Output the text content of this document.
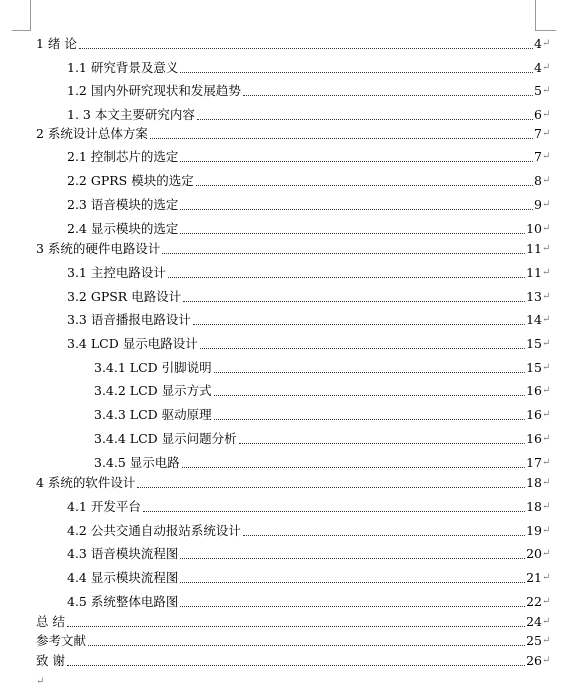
1 绪 论	4 ↵
1.1 研究背景及意义	4 ↵
1.2 国内外研究现状和发展趋势	5 ↵
1. 3 本文主要研究内容	6 ↵
2 系统设计总体方案	7 ↵
2.1 控制芯片的选定	7 ↵
2.2 GPRS 模块的选定	8 ↵
2.3 语音模块的选定	9 ↵
2.4 显示模块的选定	10 ↵
3 系统的硬件电路设计	11 ↵
3.1 主控电路设计	11 ↵
3.2 GPSR 电路设计	13 ↵
3.3 语音播报电路设计	14 ↵
3.4 LCD 显示电路设计	15 ↵
3.4.1 LCD 引脚说明	15 ↵
3.4.2 LCD 显示方式	16 ↵
3.4.3 LCD 驱动原理	16 ↵
3.4.4 LCD 显示问题分析	16 ↵
3.4.5 显示电路	17 ↵
4 系统的软件设计	18 ↵
4.1 开发平台	18 ↵
4.2 公共交通自动报站系统设计	19 ↵
4.3 语音模块流程图	20 ↵
4.4 显示模块流程图	21 ↵
4.5 系统整体电路图	22 ↵
总 结	24 ↵
参考文献	25 ↵
致 谢	26 ↵
↵
